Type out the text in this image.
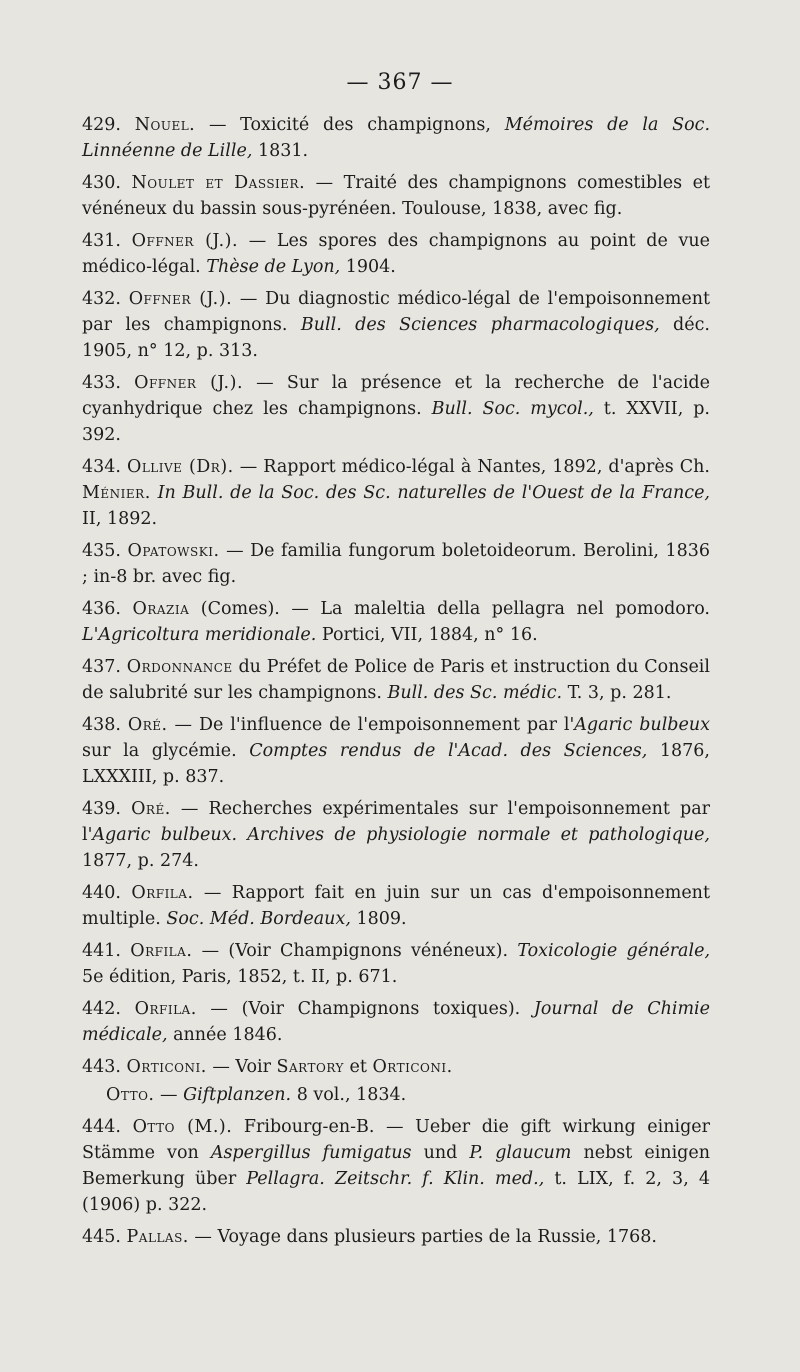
— 367 —

429. Nouel. — Toxicité des champignons, Mémoires de la Soc. Linnéenne de Lille, 1831.

430. Noulet et Dassier. — Traité des champignons comestibles et vénéneux du bassin sous-pyrénéen. Toulouse, 1838, avec fig.

431. Offner (J.). — Les spores des champignons au point de vue médico-légal. Thèse de Lyon, 1904.

432. Offner (J.). — Du diagnostic médico-légal de l'empoisonnement par les champignons. Bull. des Sciences pharmacologiques, déc. 1905, n° 12, p. 313.

433. Offner (J.). — Sur la présence et la recherche de l'acide cyanhydrique chez les champignons. Bull. Soc. mycol., t. XXVII, p. 392.

434. Ollive (Dr). — Rapport médico-légal à Nantes, 1892, d'après Ch. Ménier. In Bull. de la Soc. des Sc. naturelles de l'Ouest de la France, II, 1892.

435. Opatowski. — De familia fungorum boletoideorum. Berolini, 1836 ; in-8 br. avec fig.

436. Orazia (Comes). — La maleltia della pellagra nel pomodoro. L'Agricoltura meridionale. Portici, VII, 1884, n° 16.

437. Ordonnance du Préfet de Police de Paris et instruction du Conseil de salubrité sur les champignons. Bull. des Sc. médic. T. 3, p. 281.

438. Oré. — De l'influence de l'empoisonnement par l'Agaric bulbeux sur la glycémie. Comptes rendus de l'Acad. des Sciences, 1876, LXXXIII, p. 837.

439. Oré. — Recherches expérimentales sur l'empoisonnement par l'Agaric bulbeux. Archives de physiologie normale et pathologique, 1877, p. 274.

440. Orfila. — Rapport fait en juin sur un cas d'empoisonnement multiple. Soc. Méd. Bordeaux, 1809.

441. Orfila. — (Voir Champignons vénéneux). Toxicologie générale, 5e édition, Paris, 1852, t. II, p. 671.

442. Orfila. — (Voir Champignons toxiques). Journal de Chimie médicale, année 1846.

443. Orticoni. — Voir Sartory et Orticoni.

Otto. — Giftplanzen. 8 vol., 1834.

444. Otto (M.). Fribourg-en-B. — Ueber die gift wirkung einiger Stämme von Aspergillus fumigatus und P. glaucum nebst einigen Bemerkung über Pellagra. Zeitschr. f. Klin. med., t. LIX, f. 2, 3, 4 (1906) p. 322.

445. Pallas. — Voyage dans plusieurs parties de la Russie, 1768.
